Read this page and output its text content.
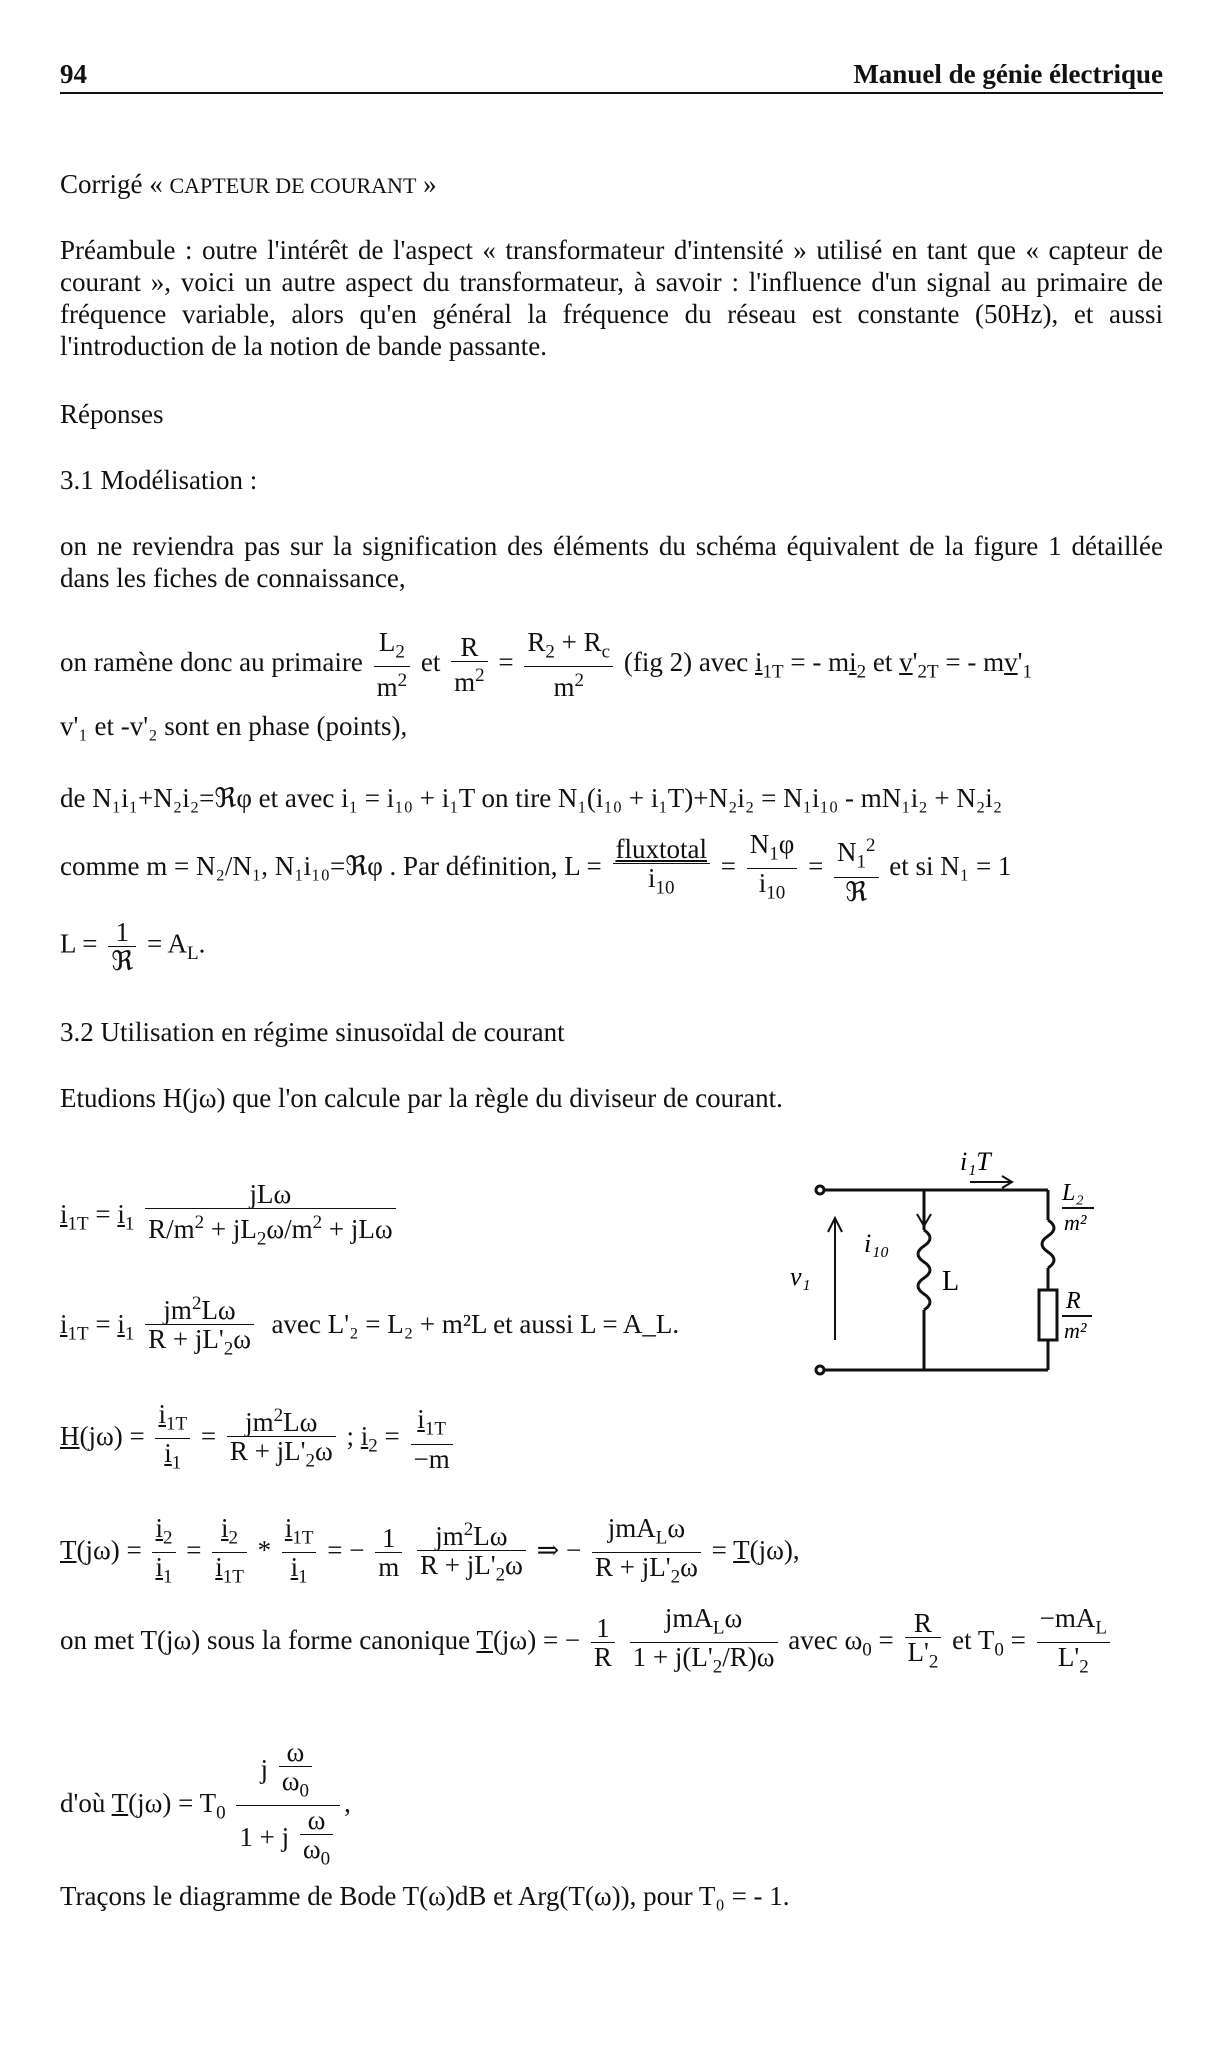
94	Manuel de génie électrique
Corrigé « CAPTEUR DE COURANT »
Préambule : outre l'intérêt de l'aspect « transformateur d'intensité » utilisé en tant que « capteur de courant », voici un autre aspect du transformateur, à savoir : l'influence d'un signal au primaire de fréquence variable, alors qu'en général la fréquence du réseau est constante (50Hz), et aussi l'introduction de la notion de bande passante.
Réponses
3.1 Modélisation :
on ne reviendra pas sur la signification des éléments du schéma équivalent de la figure 1 détaillée dans les fiches de connaissance,
on ramène donc au primaire $\frac{L_2}{m^2}$ et $\frac{R}{m^2} = \frac{R_2 + R_c}{m^2} (fig$ 2) avec $i_{1T}$ = - $mi_2$ et $v'_{2T}$ = - $mv'_1$
v'₁ et -v'₂ sont en phase (points),
de N₁i₁+N₂i₂=ℜφ et avec i₁ = i₁₀ + i₁T on tire N₁(i₁₀ + i₁T)+N₂i₂ = N₁i₁₀ - mN₁i₂ + N₂i₂
comme m = N₂/N₁, N₁i₁₀=ℜφ . Par définition, $L = \frac{\text{fluxtotal}}{i_{10}} = \frac{N_1\varphi}{i_{10}} = \frac{N_1^2}{\text{ℜ}}$ et si N₁ = 1
$L = \frac{1}{\text{ℜ}} = A_L$.
3.2 Utilisation en régime sinusoïdal de courant
Etudions H(jω) que l'on calcule par la règle du diviseur de courant.
$i_{1T} = i_1 \frac{\text{jLω}}{R/m^2 + jL_2\omega/m^2 + jL\omega}$
$i_{1T} = i_1 \frac{jm^2L\omega}{R + jL'_2\omega}$ avec L'₂ = L₂ + m²L et aussi L = A_L.
$H(j\omega) = \frac{i_{1T}}{i_1} = \frac{jm^2L\omega}{R + jL'_2\omega}$ ; $i_2 = \frac{i_{1T}}{-m}$
$T(j\omega) = \frac{i_2}{i_1} = \frac{i_2}{i_{1T}} * \frac{i_{1T}}{i_1}$ = − $\frac{1}{m}$
$\frac{jm^2L\omega}{R + jL'_2\omega}$ ⇒ − $\frac{jmA_L\omega}{R + jL'_2\omega} = T(j\omega)$,
on met T(jω) sous la forme canonique T(jω) = − $\frac{1}{R}$
$\frac{jmA_L\omega}{1 + j(L'_2/R)\omega}$ avec $\omega_0 = \frac{R}{L'_2}$ et $T_0 = \frac{-mA_L}{L'_2}$
d'où $T(j\omega) = T_0 \frac{j \frac{\omega}{\omega_0}}{1 + j \frac{\omega}{\omega_0}}$ ,
Traçons le diagramme de Bode T(ω)dB et Arg(T(ω)), pour T₀ = - 1.
i₁T
i₁₀
v₁	L
L₂
m²
R
m²
